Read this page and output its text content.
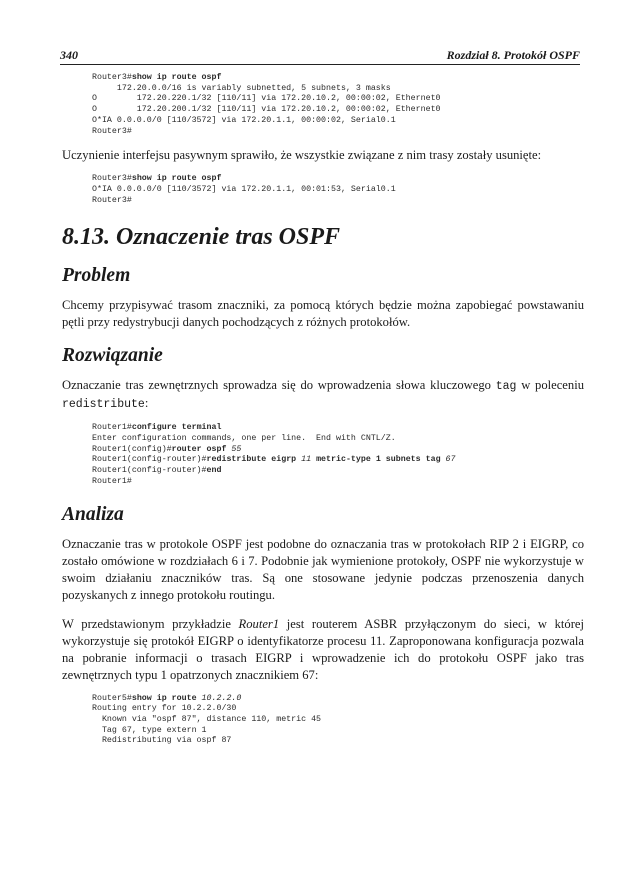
340	Rozdział 8. Protokół OSPF
Router3#show ip route ospf
172.20.0.0/16 is variably subnetted, 5 subnets, 3 masks
O        172.20.220.1/32 [110/11] via 172.20.10.2, 00:00:02, Ethernet0
O        172.20.200.1/32 [110/11] via 172.20.10.2, 00:00:02, Ethernet0
O*IA 0.0.0.0/0 [110/3572] via 172.20.1.1, 00:00:02, Serial0.1
Router3#

Uczynienie interfejsu pasywnym sprawiło, że wszystkie związane z nim trasy zostały usunięte:

Router3#show ip route ospf
O*IA 0.0.0.0/0 [110/3572] via 172.20.1.1, 00:01:53, Serial0.1
Router3#
8.13. Oznaczenie tras OSPF
Problem

Chcemy przypisywać trasom znaczniki, za pomocą których będzie można zapobiegać powstawaniu pętli przy redystrybucji danych pochodzących z różnych protokołów.

Rozwiązanie

Oznaczanie tras zewnętrznych sprowadza się do wprowadzenia słowa kluczowego tag w poleceniu redistribute:

Router1#configure terminal
Enter configuration commands, one per line.  End with CNTL/Z.
Router1(config)#router ospf 55
Router1(config-router)#redistribute eigrp 11 metric-type 1 subnets tag 67
Router1(config-router)#end
Router1#
Analiza

Oznaczanie tras w protokole OSPF jest podobne do oznaczania tras w protokołach RIP 2 i EIGRP, co zostało omówione w rozdziałach 6 i 7. Podobnie jak wymienione protokoły, OSPF nie wykorzystuje w swoim działaniu znaczników tras. Są one stosowane jedynie podczas przenoszenia danych pozyskanych z innego protokołu routingu.

W przedstawionym przykładzie Router1 jest routerem ASBR przyłączonym do sieci, w której wykorzystuje się protokół EIGRP o identyfikatorze procesu 11. Zaproponowana konfiguracja pozwala na pobranie informacji o trasach EIGRP i wprowadzenie ich do protokołu OSPF jako tras zewnętrznych typu 1 opatrzonych znacznikiem 67:

Router5#show ip route 10.2.2.0
Routing entry for 10.2.2.0/30
Known via "ospf 87", distance 110, metric 45
Tag 67, type extern 1
Redistributing via ospf 87
